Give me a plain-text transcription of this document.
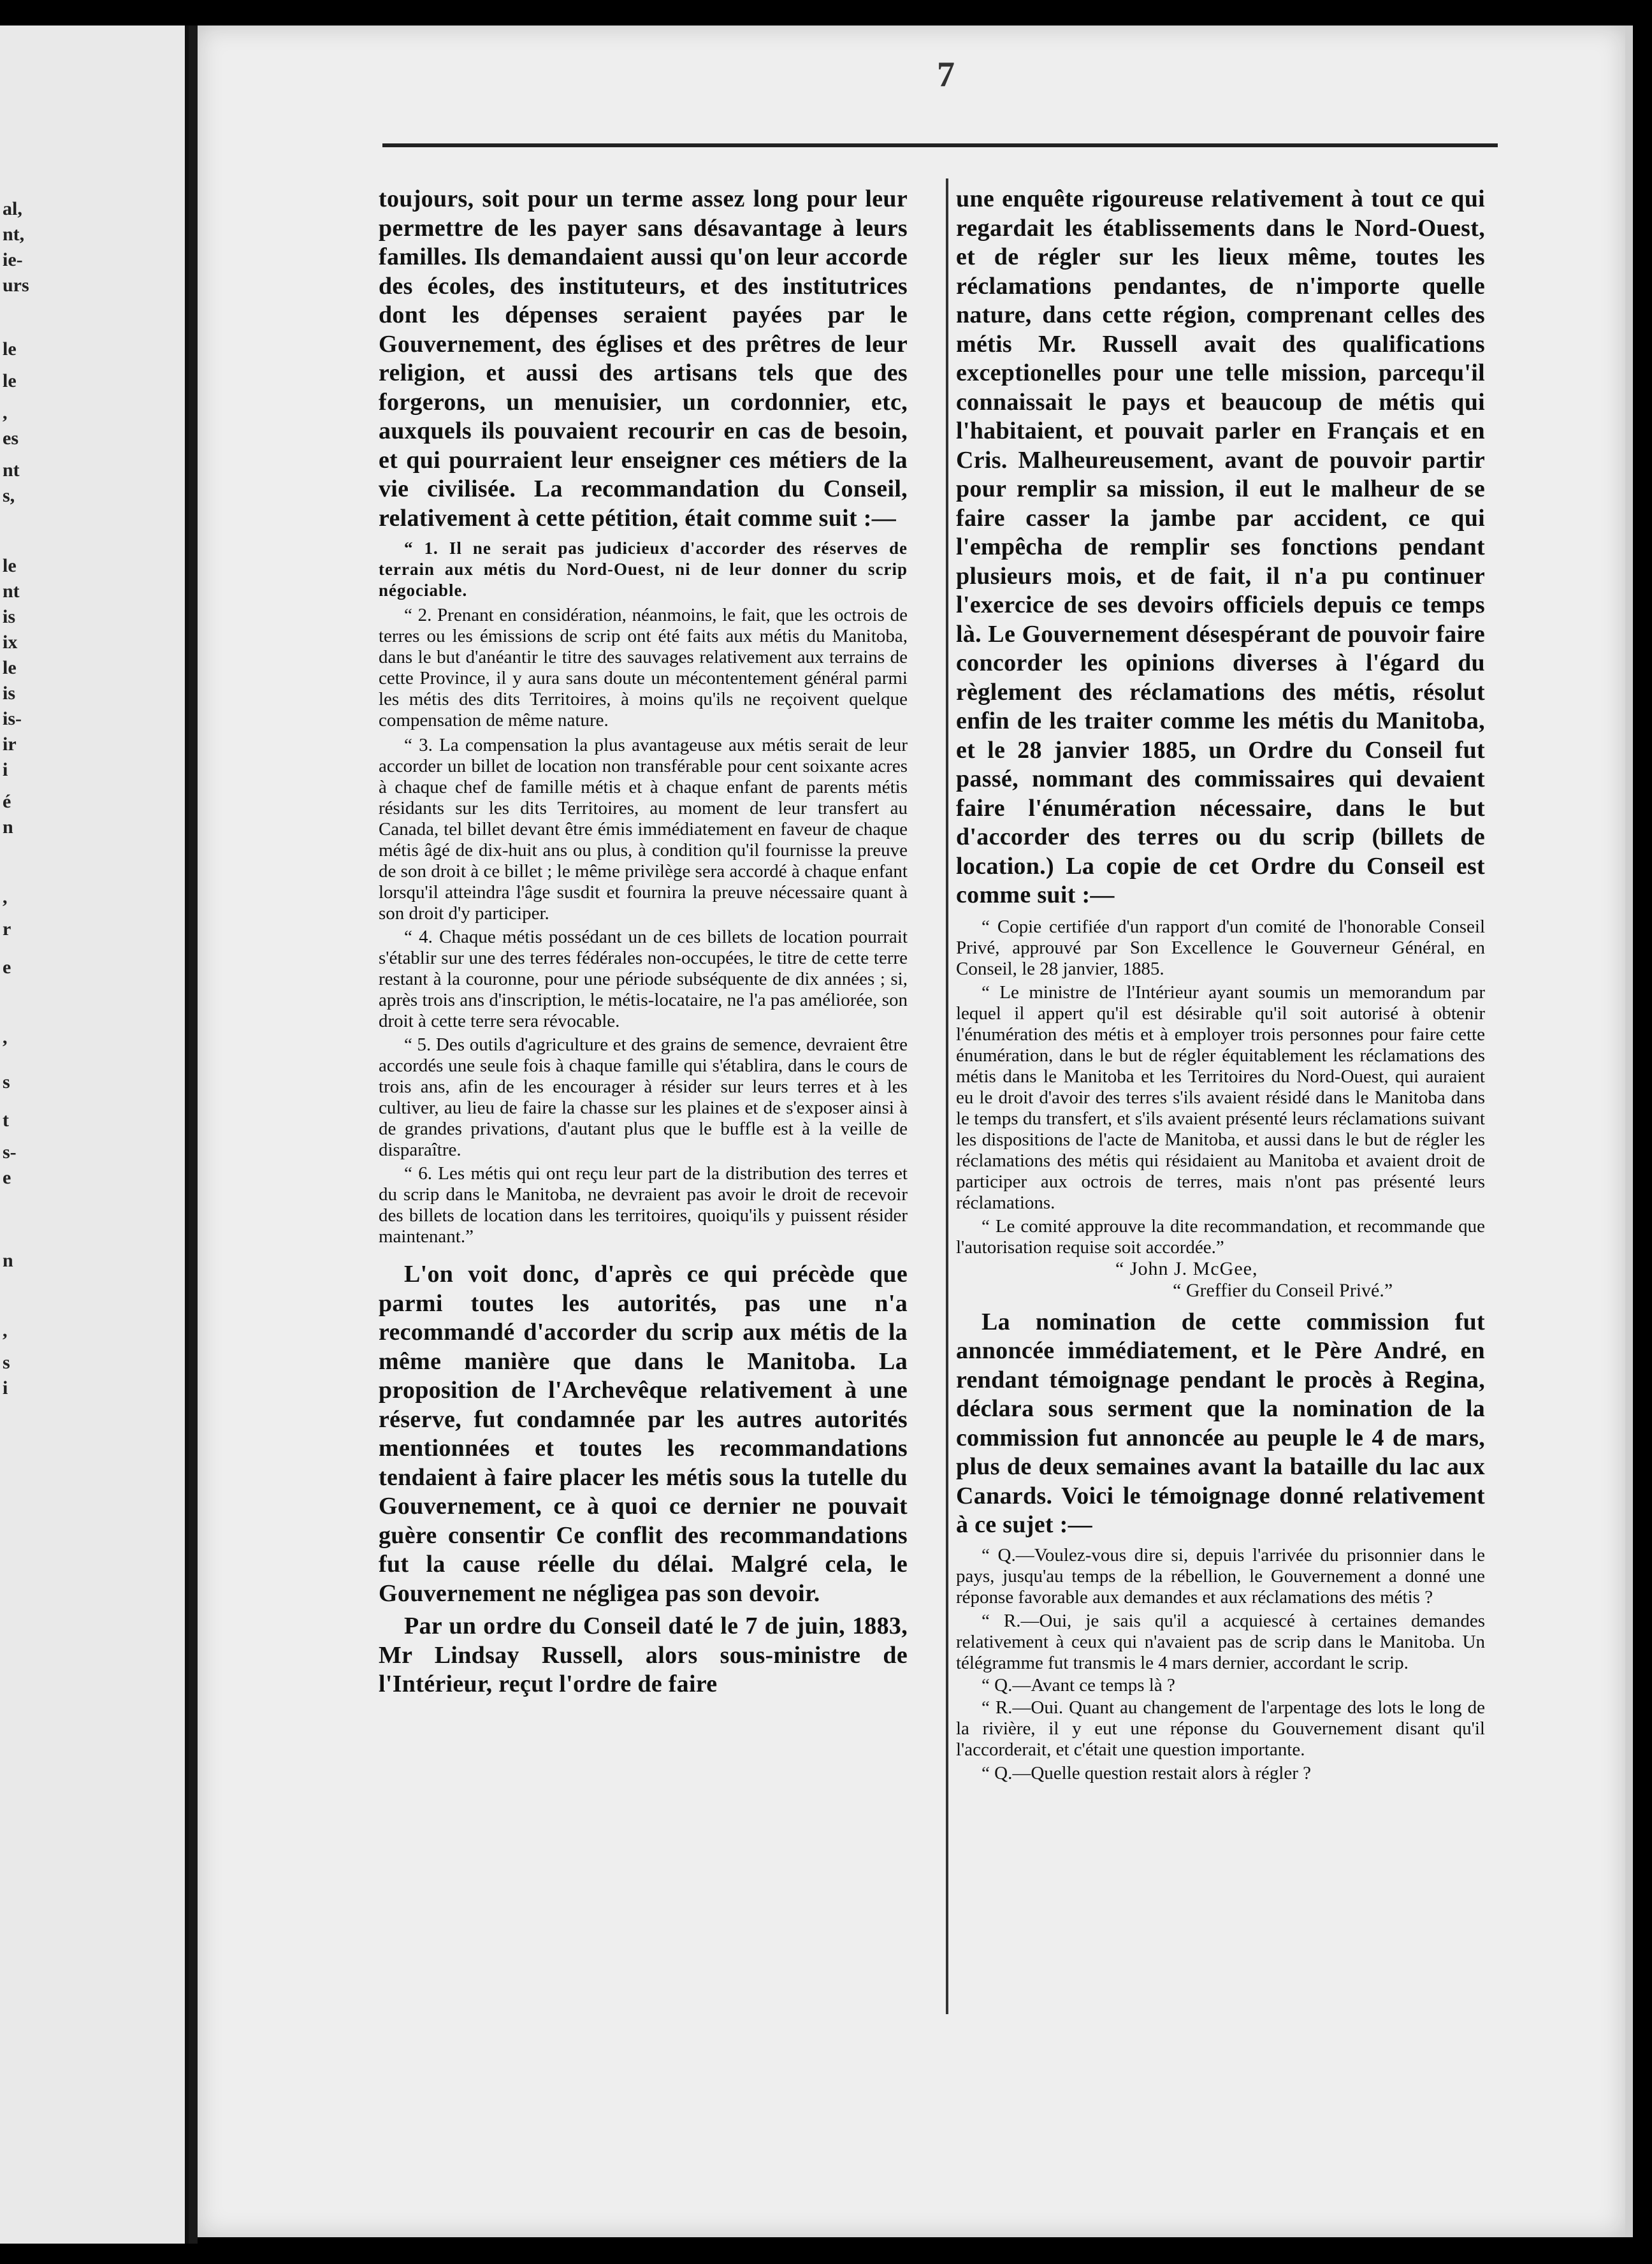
al,
nt,
ie-
urs
le
le
,
es
nt
s,
le
nt
is
ix
le
is
is-
ir
i
é
n
,
r
e
,
s
t
s-
e
n
,
s
i
7

toujours, soit pour un terme assez long pour leur permettre de les payer sans désavantage à leurs familles. Ils demandaient aussi qu'on leur accorde des écoles, des instituteurs, et des institutrices dont les dépenses seraient payées par le Gouvernement, des églises et des prêtres de leur religion, et aussi des artisans tels que des forgerons, un menuisier, un cordonnier, etc, auxquels ils pouvaient recourir en cas de besoin, et qui pourraient leur enseigner ces métiers de la vie civilisée. La recommandation du Conseil, relativement à cette pétition, était comme suit :—

“ 1. Il ne serait pas judicieux d'accorder des réserves de terrain aux métis du Nord-Ouest, ni de leur donner du scrip négociable.

“ 2. Prenant en considération, néanmoins, le fait, que les octrois de terres ou les émissions de scrip ont été faits aux métis du Manitoba, dans le but d'anéantir le titre des sauvages relativement aux terrains de cette Province, il y aura sans doute un mécontentement général parmi les métis des dits Territoires, à moins qu'ils ne reçoivent quelque compensation de même nature.

“ 3. La compensation la plus avantageuse aux métis serait de leur accorder un billet de location non transférable pour cent soixante acres à chaque chef de famille métis et à chaque enfant de parents métis résidants sur les dits Territoires, au moment de leur transfert au Canada, tel billet devant être émis immédiatement en faveur de chaque métis âgé de dix-huit ans ou plus, à condition qu'il fournisse la preuve de son droit à ce billet ; le même privilège sera accordé à chaque enfant lorsqu'il atteindra l'âge susdit et fournira la preuve nécessaire quant à son droit d'y participer.

“ 4. Chaque métis possédant un de ces billets de location pourrait s'établir sur une des terres fédérales non-occupées, le titre de cette terre restant à la couronne, pour une période subséquente de dix années ; si, après trois ans d'inscription, le métis-locataire, ne l'a pas améliorée, son droit à cette terre sera révocable.

“ 5. Des outils d'agriculture et des grains de semence, devraient être accordés une seule fois à chaque famille qui s'établira, dans le cours de trois ans, afin de les encourager à résider sur leurs terres et à les cultiver, au lieu de faire la chasse sur les plaines et de s'exposer ainsi à de grandes privations, d'autant plus que le buffle est à la veille de disparaître.

“ 6. Les métis qui ont reçu leur part de la distribution des terres et du scrip dans le Manitoba, ne devraient pas avoir le droit de recevoir des billets de location dans les territoires, quoiqu'ils y puissent résider maintenant.”

L'on voit donc, d'après ce qui précède que parmi toutes les autorités, pas une n'a recommandé d'accorder du scrip aux métis de la même manière que dans le Manitoba. La proposition de l'Archevêque relativement à une réserve, fut condamnée par les autres autorités mentionnées et toutes les recommandations tendaient à faire placer les métis sous la tutelle du Gouvernement, ce à quoi ce dernier ne pouvait guère consentir Ce conflit des recommandations fut la cause réelle du délai. Malgré cela, le Gouvernement ne négligea pas son devoir.

Par un ordre du Conseil daté le 7 de juin, 1883, Mr Lindsay Russell, alors sous-ministre de l'Intérieur, reçut l'ordre de faire

une enquête rigoureuse relativement à tout ce qui regardait les établissements dans le Nord-Ouest, et de régler sur les lieux même, toutes les réclamations pendantes, de n'importe quelle nature, dans cette région, comprenant celles des métis Mr. Russell avait des qualifications exceptionelles pour une telle mission, parcequ'il connaissait le pays et beaucoup de métis qui l'habitaient, et pouvait parler en Français et en Cris. Malheureusement, avant de pouvoir partir pour remplir sa mission, il eut le malheur de se faire casser la jambe par accident, ce qui l'empêcha de remplir ses fonctions pendant plusieurs mois, et de fait, il n'a pu continuer l'exercice de ses devoirs officiels depuis ce temps là. Le Gouvernement désespérant de pouvoir faire concorder les opinions diverses à l'égard du règlement des réclamations des métis, résolut enfin de les traiter comme les métis du Manitoba, et le 28 janvier 1885, un Ordre du Conseil fut passé, nommant des commissaires qui devaient faire l'énumération nécessaire, dans le but d'accorder des terres ou du scrip (billets de location.) La copie de cet Ordre du Conseil est comme suit :—

“ Copie certifiée d'un rapport d'un comité de l'honorable Conseil Privé, approuvé par Son Excellence le Gouverneur Général, en Conseil, le 28 janvier, 1885.

“ Le ministre de l'Intérieur ayant soumis un memorandum par lequel il appert qu'il est désirable qu'il soit autorisé à obtenir l'énumération des métis et à employer trois personnes pour faire cette énumération, dans le but de régler équitablement les réclamations des métis dans le Manitoba et les Territoires du Nord-Ouest, qui auraient eu le droit d'avoir des terres s'ils avaient résidé dans le Manitoba dans le temps du transfert, et s'ils avaient présenté leurs réclamations suivant les dispositions de l'acte de Manitoba, et aussi dans le but de régler les réclamations des métis qui résidaient au Manitoba et avaient droit de participer aux octrois de terres, mais n'ont pas présenté leurs réclamations.

“ Le comité approuve la dite recommandation, et recommande que l'autorisation requise soit accordée.”

“ John J. McGee,

“ Greffier du Conseil Privé.”

La nomination de cette commission fut annoncée immédiatement, et le Père André, en rendant témoignage pendant le procès à Regina, déclara sous serment que la nomination de la commission fut annoncée au peuple le 4 de mars, plus de deux semaines avant la bataille du lac aux Canards. Voici le témoignage donné relativement à ce sujet :—

“ Q.—Voulez-vous dire si, depuis l'arrivée du prisonnier dans le pays, jusqu'au temps de la rébellion, le Gouvernement a donné une réponse favorable aux demandes et aux réclamations des métis ?

“ R.—Oui, je sais qu'il a acquiescé à certaines demandes relativement à ceux qui n'avaient pas de scrip dans le Manitoba. Un télégramme fut transmis le 4 mars dernier, accordant le scrip.

“ Q.—Avant ce temps là ?

“ R.—Oui. Quant au changement de l'arpentage des lots le long de la rivière, il y eut une réponse du Gouvernement disant qu'il l'accorderait, et c'était une question importante.

“ Q.—Quelle question restait alors à régler ?
